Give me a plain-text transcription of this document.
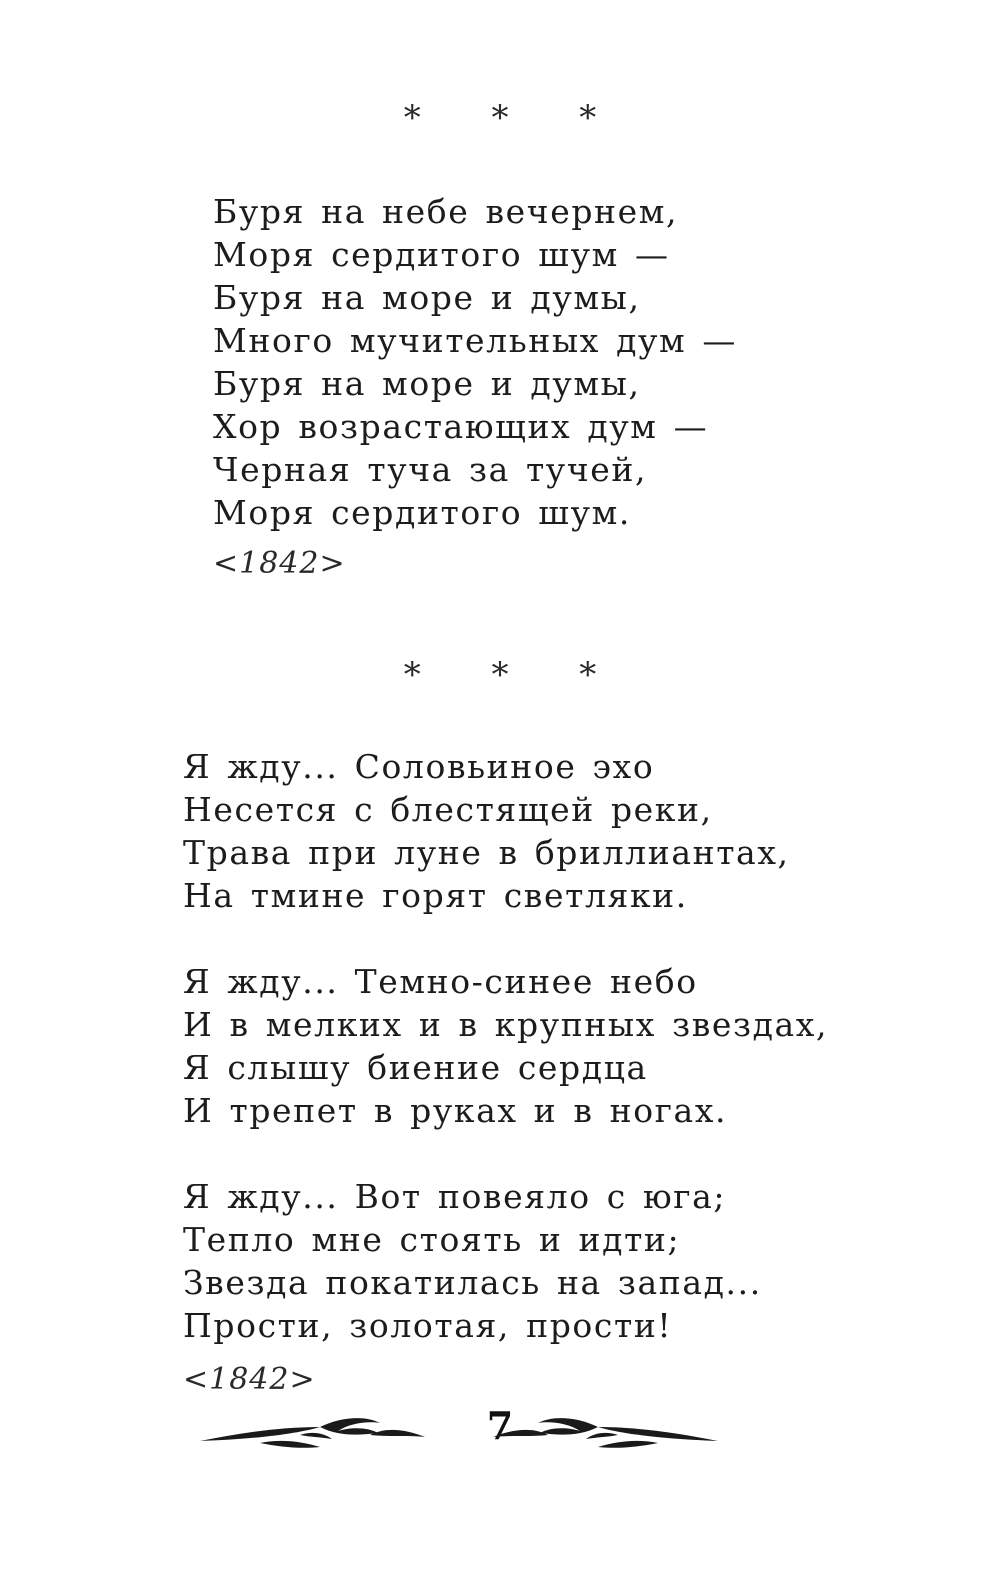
* * *
Буря на небе вечернем,
Моря сердитого шум —
Буря на море и думы,
Много мучительных дум —
Буря на море и думы,
Хор возрастающих дум —
Черная туча за тучей,
Моря сердитого шум.
<1842>
* * *
Я жду... Соловьиное эхо
Несется с блестящей реки,
Трава при луне в бриллиантах,
На тмине горят светляки.
Я жду... Темно-синее небо
И в мелких и в крупных звездах,
Я слышу биение сердца
И трепет в руках и в ногах.
Я жду... Вот повеяло с юга;
Тепло мне стоять и идти;
Звезда покатилась на запад...
Прости, золотая, прости!
<1842>
7
